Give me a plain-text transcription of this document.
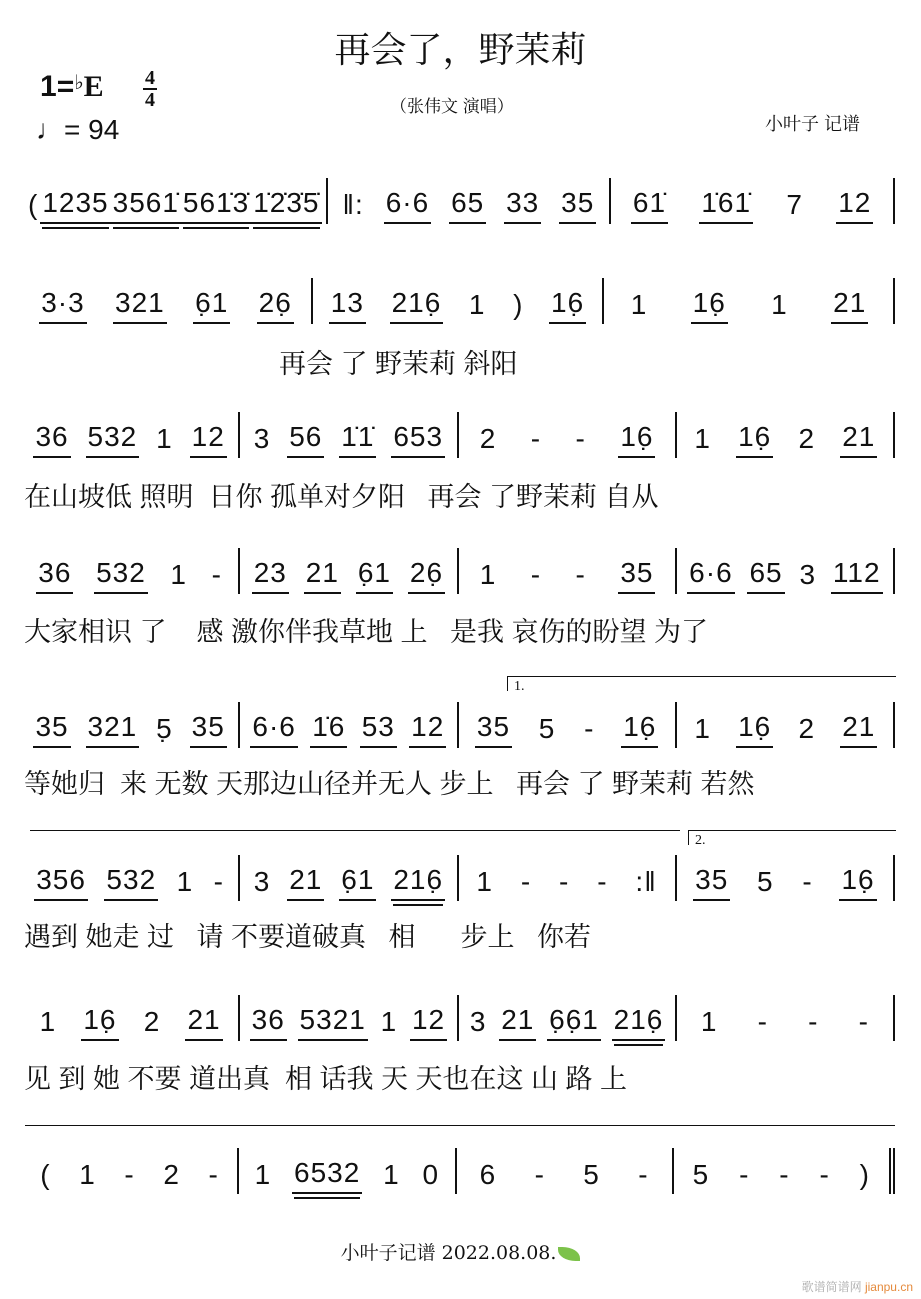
再会了，野茉莉
1=♭E 4
4
♩= 94
（张伟文 演唱）
小叶子 记谱
( 1235 3561̇ 561̇3̇ 1̇2̇3̇5̇ ‖: 6·6 65 33 35 61̇ 1̇61̇ 7 12
3·3 321 6̣1 26̣ 13 216̣ 1 ) 16̣ 1 16̣ 1 21
再会 了 野茉莉 斜阳
36 532 1 12 3 56 1̇1̇ 653 2 - - 16̣ 1 16̣ 2 21
在山坡低 照明  日你 孤单对夕阳   再会 了野茉莉 自从
36 532 1 - 23 21 6̣1 26̣ 1 - - 35 6·6 65 3 112
大家相识 了    感 激你伴我草地 上   是我 哀伤的盼望 为了
35 321 5̣ 35 6·6 1̇6 53 12 35 5 - 16̣ 1 16̣ 2 21
等她归  来 无数 天那边山径并无人 步上   再会 了 野茉莉 若然
1.
356 532 1 - 3 21 6̣1 216̣ 1 - - - :‖ 35 5 - 16̣
遇到 她走 过   请 不要道破真   相      步上   你若
2.
1 16̣ 2 21 36 5321 1 12 3 21 6̣6̣1 216̣ 1 - - -
见 到 她 不要 道出真  相 话我 天 天也在这 山 路 上
( 1 - 2 - 1 6532 1 0 6 - 5 - 5 - - - )
小叶子记谱 2022.08.08.
歌谱简谱网 jianpu.cn
